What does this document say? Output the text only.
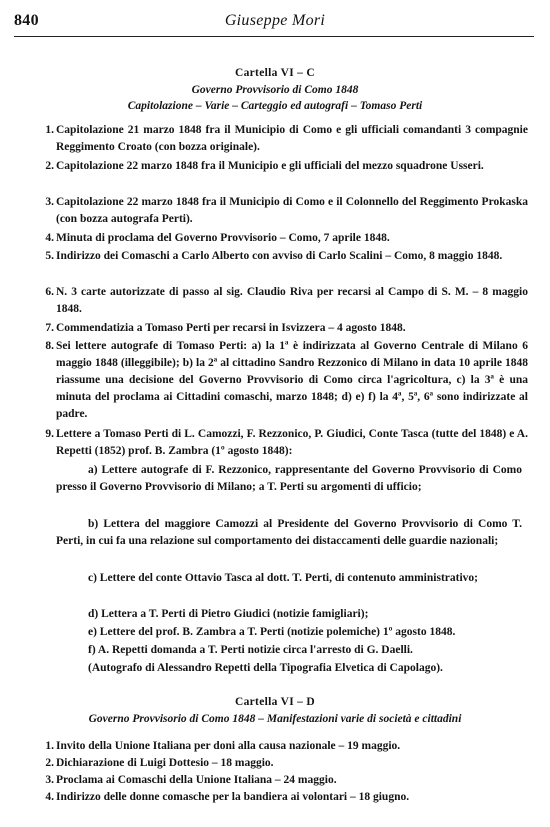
840	Giuseppe Mori
Cartella VI – C
Governo Provvisorio di Como 1848
Capitolazione – Varie – Carteggio ed autografi – Tomaso Perti
1. Capitolazione 21 marzo 1848 fra il Municipio di Como e gli ufficiali comandanti 3 compagnie Reggimento Croato (con bozza originale).
2. Capitolazione 22 marzo 1848 fra il Municipio e gli ufficiali del mezzo squadrone Usseri.
3. Capitolazione 22 marzo 1848 fra il Municipio di Como e il Colonnello del Reggimento Prokaska (con bozza autografa Perti).
4. Minuta di proclama del Governo Provvisorio – Como, 7 aprile 1848.
5. Indirizzo dei Comaschi a Carlo Alberto con avviso di Carlo Scalini – Como, 8 maggio 1848.
6. N. 3 carte autorizzate di passo al sig. Claudio Riva per recarsi al Campo di S. M. – 8 maggio 1848.
7. Commendatizia a Tomaso Perti per recarsi in Isvizzera – 4 agosto 1848.
8. Sei lettere autografe di Tomaso Perti: a) la 1ª è indirizzata al Governo Centrale di Milano 6 maggio 1848 (illeggibile); b) la 2ª al cittadino Sandro Rezzonico di Milano in data 10 aprile 1848 riassume una decisione del Governo Provvisorio di Como circa l'agricoltura, c) la 3ª è una minuta del proclama ai Cittadini comaschi, marzo 1848; d) e) f) la 4ª, 5ª, 6ª sono indirizzate al padre.
9. Lettere a Tomaso Perti di L. Camozzi, F. Rezzonico, P. Giudici, Conte Tasca (tutte del 1848) e A. Repetti (1852) prof. B. Zambra (1º agosto 1848):
a) Lettere autografe di F. Rezzonico, rappresentante del Governo Provvisorio di Como presso il Governo Provvisorio di Milano; a T. Perti su argomenti di ufficio;
b) Lettera del maggiore Camozzi al Presidente del Governo Provvisorio di Como T. Perti, in cui fa una relazione sul comportamento dei distaccamenti delle guardie nazionali;
c) Lettere del conte Ottavio Tasca al dott. T. Perti, di contenuto amministrativo;
d) Lettera a T. Perti di Pietro Giudici (notizie famigliari);
e) Lettere del prof. B. Zambra a T. Perti (notizie polemiche) 1º agosto 1848.
f) A. Repetti domanda a T. Perti notizie circa l'arresto di G. Daelli.
(Autografo di Alessandro Repetti della Tipografia Elvetica di Capolago).
Cartella VI – D
Governo Provvisorio di Como 1848 – Manifestazioni varie di società e cittadini
1. Invito della Unione Italiana per doni alla causa nazionale – 19 maggio.
2. Dichiarazione di Luigi Dottesio – 18 maggio.
3. Proclama ai Comaschi della Unione Italiana – 24 maggio.
4. Indirizzo delle donne comasche per la bandiera ai volontari – 18 giugno.
